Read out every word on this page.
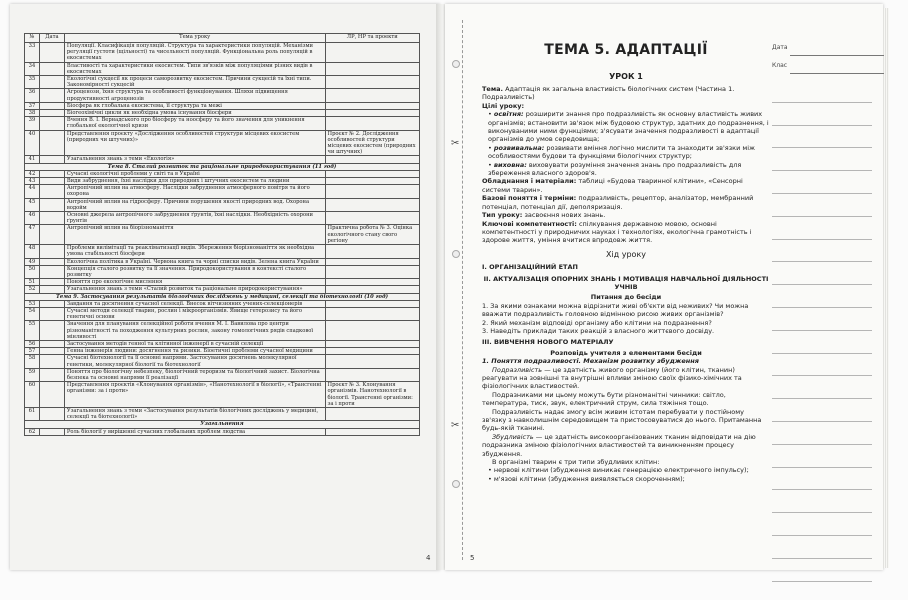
№	Дата	Тема уроку	ЛР, НР та проекти
33		Популяції. Класифікація популяцій. Структура та характеристики популяцій. Механізми регуляції густоти (щільності) та чисельності популяцій. Функціональна роль популяцій в екосистемах	
34		Властивості та характеристики екосистем. Типи зв'язків між популяціями різних видів в екосистемах	
35		Екологічні сукцесії як процеси саморозвитку екосистем. Причини сукцесій та їхні типи. Закономірності сукцесій	
36		Агроценози, їхня структура та особливості функціонування. Шляхи підвищення продуктивності агроценозів	
37		Біосфера як глобальна екосистема, її структура та межі	
38		Біогеохімічні цикли як необхідна умова існування біосфери	
39		Вчення В. І. Вернадського про біосферу та ноосферу та його значення для уникнення глобальної екологічної кризи	
40		Представлення проєкту «Дослідження особливостей структури місцевих екосистем (природних чи штучних)»	Проєкт № 2. Дослідження особливостей структури місцевих екосистем (природних чи штучних)
41		Узагальнення знань з теми «Екологія»	
Тема 8. Сталий розвиток та раціональне природокористування (11 год)			
42		Сучасні екологічні проблеми у світі та в Україні	
43		Види забруднення, їхні наслідки для природних і штучних екосистем та людини	
44		Антропічний вплив на атмосферу. Наслідки забруднення атмосферного повітря та його охорона	
45		Антропічний вплив на гідросферу. Причини порушення якості природних вод. Охорона водойм	
46		Основні джерела антропічного забруднення ґрунтів, їхні наслідки. Необхідність охорони ґрунтів	
47		Антропічний вплив на біорізноманіття	Практична робота № 3. Оцінка екологічного стану свого регіону
48		Проблеми вилімітації та реакліматизації видів. Збереження біорізноманіття як необхідна умова стабільності біосфери	
49		Екологічна політика в Україні. Червона книга та чорні списки видів. Зелена книга України	
50		Концепція сталого розвитку та її значення. Природокористування в контексті сталого розвитку	
51		Поняття про екологічне мислення	
52		Узагальнення знань з теми «Сталий розвиток та раціональне природокористування»	
Тема 9. Застосування результатів біологічних досліджень у медицині, селекції та біотехнології (10 год)			
53		Завдання та досягнення сучасної селекції. Внесок вітчизняних учених-селекціонерів	
54		Сучасні методи селекції тварин, рослин і мікроорганізмів. Явище гетерозису та його генетичні основи	
55		Значення для планування селекційної роботи вчення М. І. Вавилова про центри різноманітності та походження культурних рослин, закону гомологічних рядів спадкової мінливості	
56		Застосування методів генної та клітинної інженерії в сучасній селекції	
57		Генна інженерія людини: досягнення та ризики. Біоетичні проблеми сучасної медицини	
58		Сучасні біотехнології та її основні напрями. Застосування досягнень молекулярної генетики, молекулярної біології та біотехнології	
59		Поняття про біологічну небезпеку, біологічний тероризм та біологічний захист. Біологічна безпека та основні напрями її реалізації	
60		Представлення проєктів «Клонування організмів», «Нанотехнології в біології», «Трансгенні організми: за і проти»	Проєкт № 3. Клонування організмів. Нанотехнології в біології. Трансгенні організми: за і проти
61		Узагальнення знань з теми «Застосування результатів біологічних досліджень у медицині, селекції та біотехнології»	
Узагальнення			
62		Роль біології у вирішенні сучасних глобальних проблем людства	
4
✂
✂
Дата
Клас
ТЕМА 5. АДАПТАЦІЇ
УРОК 1
Тема. Адаптація як загальна властивість біологічних систем (Частина 1. Подразливість)
Цілі уроку:
• освітня: розширити знання про подразливість як основну властивість живих організмів; встановити зв'язок між будовою структур, здатних до подразнення, і виконуваними ними функціями; з'ясувати значення подразливості в адаптації організмів до умов середовища;
• розвивальна: розвивати вміння логічно мислити та знаходити зв'язки між особливостями будови та функціями біологічних структур;
• виховна: виховувати розуміння значення знань про подразливість для збереження власного здоров'я.
Обладнання і матеріали: таблиці «Будова тваринної клітини», «Сенсорні системи тварин».
Базові поняття і терміни: подразливість, рецептор, аналізатор, мембранний потенціал, потенціал дії, деполяризація.
Тип уроку: засвоєння нових знань.
Ключові компетентності: спілкування державною мовою, основні компетентності у природничих науках і технологіях, екологічна грамотність і здорове життя, уміння вчитися впродовж життя.
Хід уроку
I. ОРГАНІЗАЦІЙНИЙ ЕТАП
II. АКТУАЛІЗАЦІЯ ОПОРНИХ ЗНАНЬ І МОТИВАЦІЯ НАВЧАЛЬНОЇ ДІЯЛЬНОСТІ УЧНІВ
Питання до бесіди
1. За якими ознаками можна відрізнити живі об'єкти від неживих? Чи можна вважати подразливість головною відмінною рисою живих організмів?
2. Який механізм відповіді організму або клітини на подразнення?
3. Наведіть приклади таких реакцій з власного життєвого досвіду.
III. ВИВЧЕННЯ НОВОГО МАТЕРІАЛУ
Розповідь учителя з елементами бесіди
1. Поняття подразливості. Механізм розвитку збудження
Подразливість — це здатність живого організму (його клітин, тканин) реагувати на зовнішні та внутрішні впливи зміною своїх фізико-хімічних та фізіологічних властивостей.
Подразниками ми цьому можуть бути різноманітні чинники: світло, температура, тиск, звук, електричний струм, сила тяжіння тощо.
Подразливість надає змогу всім живим істотам перебувати у постійному зв'язку з навколишнім середовищем та пристосовуватися до нього. Притаманна будь-якій тканині.
Збудливість — це здатність високоорганізованих тканин відповідати на дію подразника зміною фізіологічних властивостей та виникненням процесу збудження.
В організмі тварин є три типи збудливих клітин:
• нервові клітини (збудження виникає генерацією електричного імпульсу);
• м'язові клітини (збудження виявляється скороченням);
5
